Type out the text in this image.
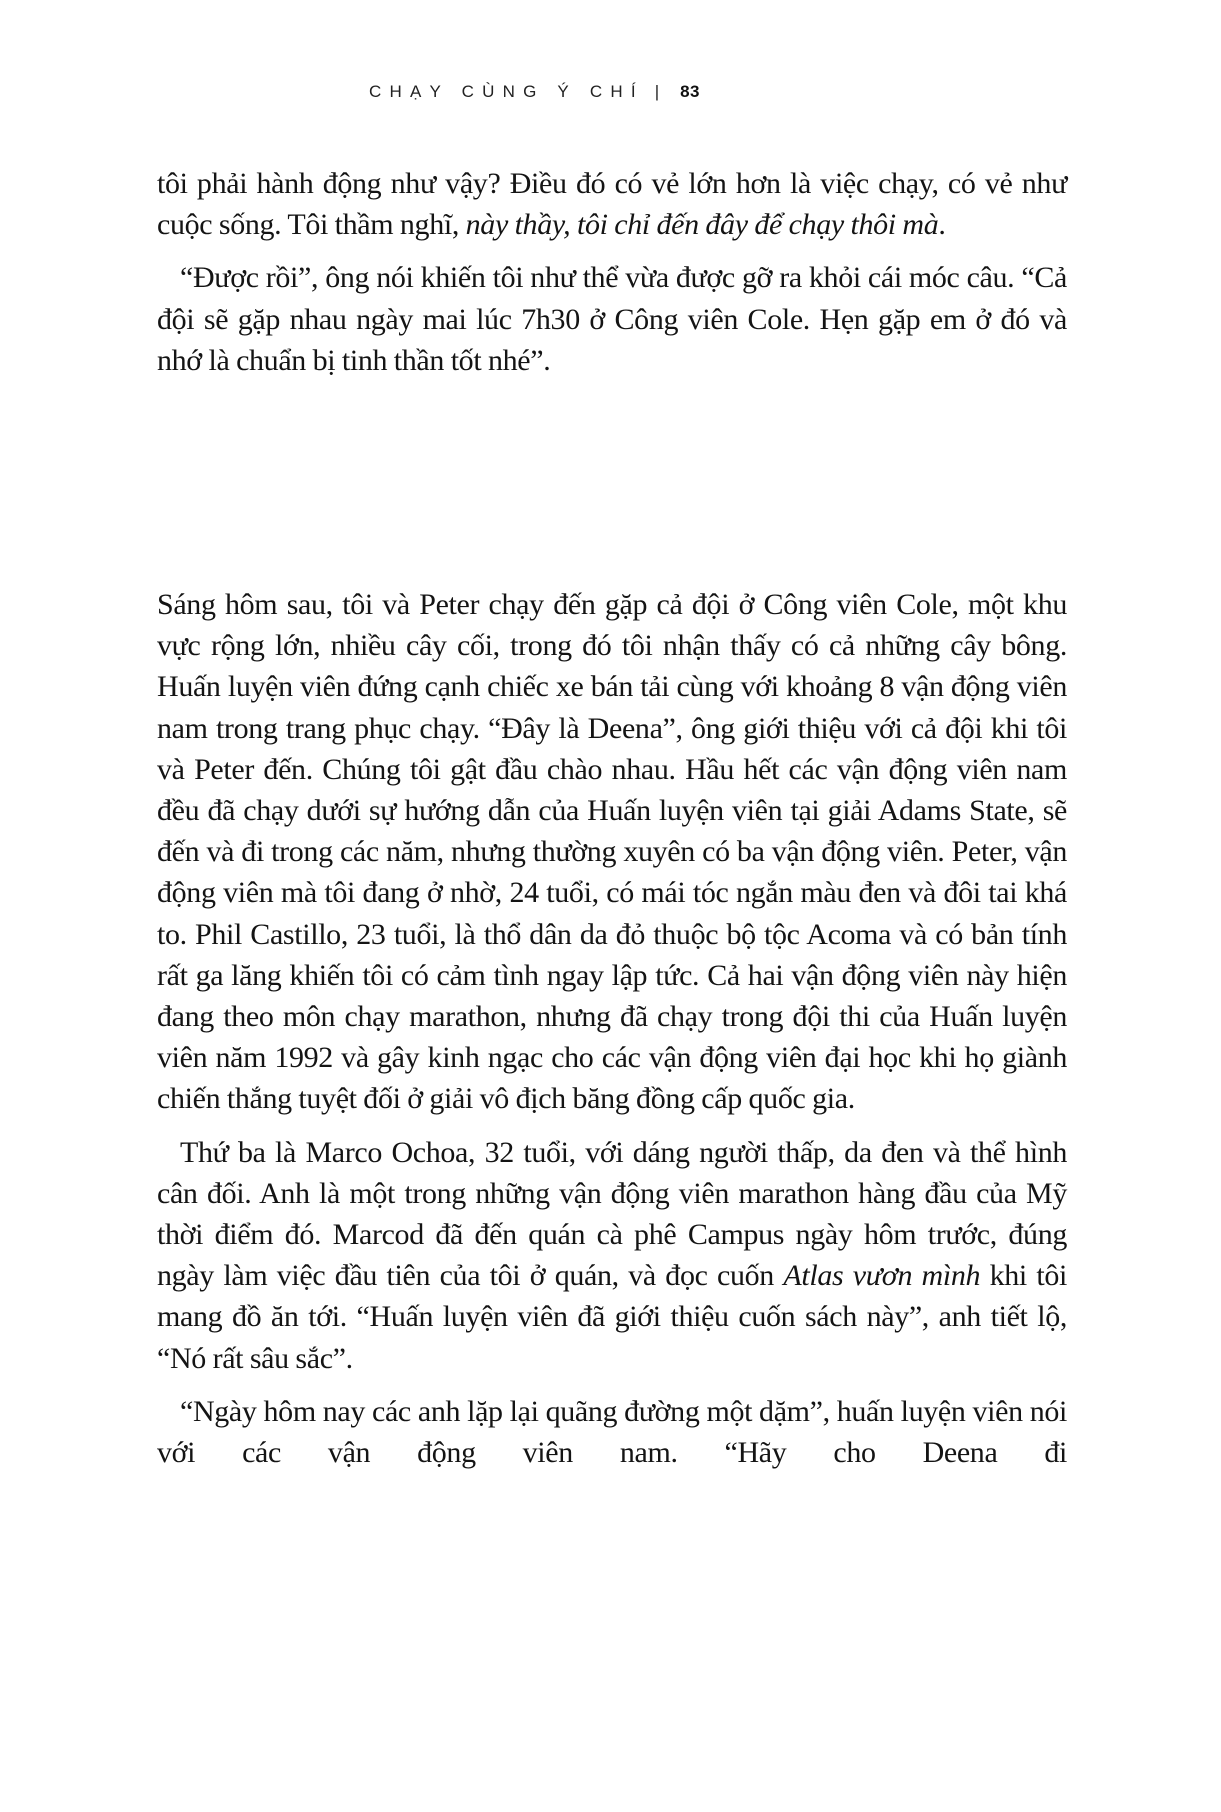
CHẠY CÙNG Ý CHÍ | 83

tôi phải hành động như vậy? Điều đó có vẻ lớn hơn là việc chạy, có vẻ như cuộc sống. Tôi thầm nghĩ, này thầy, tôi chỉ đến đây để chạy thôi mà.

“Được rồi”, ông nói khiến tôi như thể vừa được gỡ ra khỏi cái móc câu. “Cả đội sẽ gặp nhau ngày mai lúc 7h30 ở Công viên Cole. Hẹn gặp em ở đó và nhớ là chuẩn bị tinh thần tốt nhé”.

Sáng hôm sau, tôi và Peter chạy đến gặp cả đội ở Công viên Cole, một khu vực rộng lớn, nhiều cây cối, trong đó tôi nhận thấy có cả những cây bông. Huấn luyện viên đứng cạnh chiếc xe bán tải cùng với khoảng 8 vận động viên nam trong trang phục chạy. “Đây là Deena”, ông giới thiệu với cả đội khi tôi và Peter đến. Chúng tôi gật đầu chào nhau. Hầu hết các vận động viên nam đều đã chạy dưới sự hướng dẫn của Huấn luyện viên tại giải Adams State, sẽ đến và đi trong các năm, nhưng thường xuyên có ba vận động viên. Peter, vận động viên mà tôi đang ở nhờ, 24 tuổi, có mái tóc ngắn màu đen và đôi tai khá to. Phil Castillo, 23 tuổi, là thổ dân da đỏ thuộc bộ tộc Acoma và có bản tính rất ga lăng khiến tôi có cảm tình ngay lập tức. Cả hai vận động viên này hiện đang theo môn chạy marathon, nhưng đã chạy trong đội thi của Huấn luyện viên năm 1992 và gây kinh ngạc cho các vận động viên đại học khi họ giành chiến thắng tuyệt đối ở giải vô địch băng đồng cấp quốc gia.

Thứ ba là Marco Ochoa, 32 tuổi, với dáng người thấp, da đen và thể hình cân đối. Anh là một trong những vận động viên marathon hàng đầu của Mỹ thời điểm đó. Marcod đã đến quán cà phê Campus ngày hôm trước, đúng ngày làm việc đầu tiên của tôi ở quán, và đọc cuốn Atlas vươn mình khi tôi mang đồ ăn tới. “Huấn luyện viên đã giới thiệu cuốn sách này”, anh tiết lộ, “Nó rất sâu sắc”.

“Ngày hôm nay các anh lặp lại quãng đường một dặm”, huấn luyện viên nói với các vận động viên nam. “Hãy cho Deena đi
